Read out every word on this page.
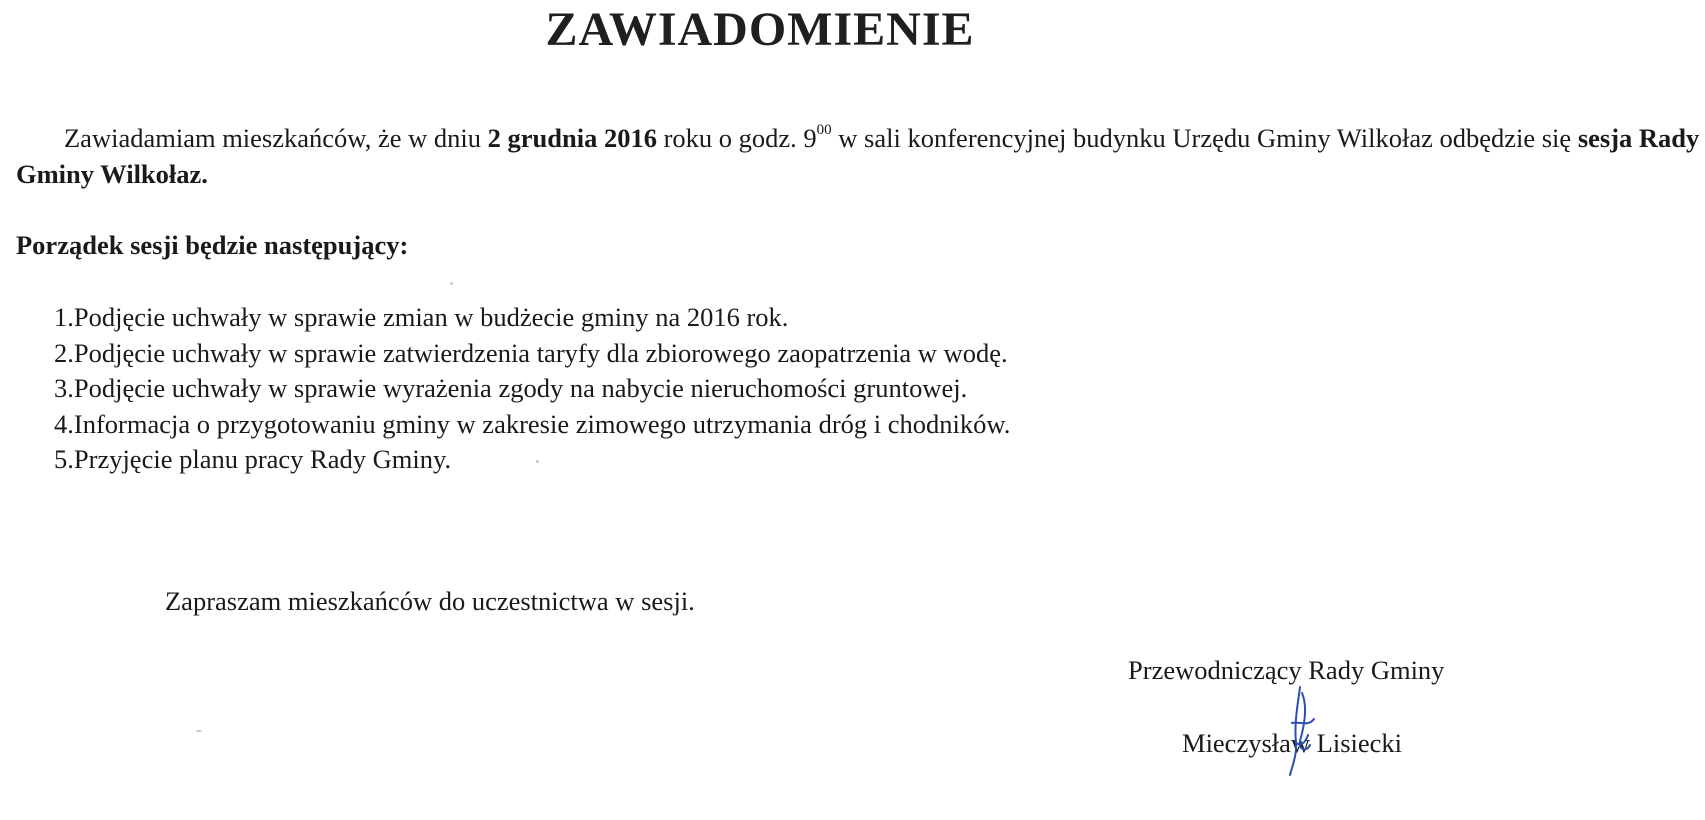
ZAWIADOMIENIE
Zawiadamiam mieszkańców, że w dniu 2 grudnia 2016 roku o godz. $9^{00}$ w sali konferencyjnej budynku Urzędu Gminy Wilkołaz odbędzie się sesja Rady Gminy Wilkołaz.
Porządek sesji będzie następujący:
1.Podjęcie uchwały w sprawie zmian w budżecie gminy na 2016 rok.
2.Podjęcie uchwały w sprawie zatwierdzenia taryfy dla zbiorowego zaopatrzenia w wodę.
3.Podjęcie uchwały w sprawie wyrażenia zgody na nabycie nieruchomości gruntowej.
4.Informacja o przygotowaniu gminy w zakresie zimowego utrzymania dróg i chodników.
5.Przyjęcie planu pracy Rady Gminy.
Zapraszam mieszkańców do uczestnictwa w sesji.
Przewodniczący Rady Gminy
Mieczysław Lisiecki
